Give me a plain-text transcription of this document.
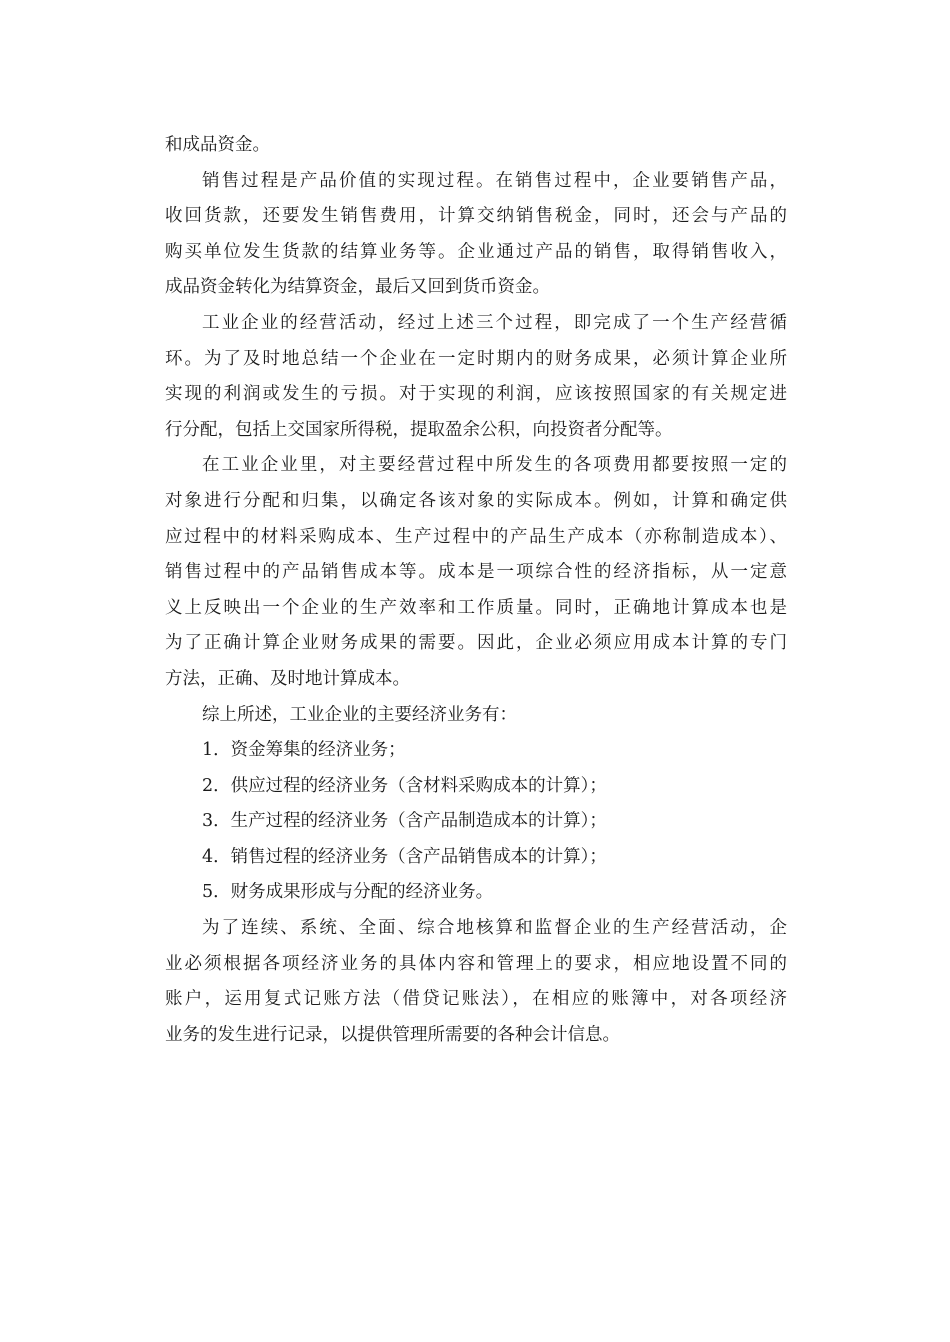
和成品资金。
销售过程是产品价值的实现过程。在销售过程中，企业要销售产品，
收回货款，还要发生销售费用，计算交纳销售税金，同时，还会与产品的
购买单位发生货款的结算业务等。企业通过产品的销售，取得销售收入，
成品资金转化为结算资金，最后又回到货币资金。
工业企业的经营活动，经过上述三个过程，即完成了一个生产经营循
环。为了及时地总结一个企业在一定时期内的财务成果，必须计算企业所
实现的利润或发生的亏损。对于实现的利润，应该按照国家的有关规定进
行分配，包括上交国家所得税，提取盈余公积，向投资者分配等。
在工业企业里，对主要经营过程中所发生的各项费用都要按照一定的
对象进行分配和归集，以确定各该对象的实际成本。例如，计算和确定供
应过程中的材料采购成本、生产过程中的产品生产成本（亦称制造成本）、
销售过程中的产品销售成本等。成本是一项综合性的经济指标，从一定意
义上反映出一个企业的生产效率和工作质量。同时，正确地计算成本也是
为了正确计算企业财务成果的需要。因此，企业必须应用成本计算的专门
方法，正确、及时地计算成本。
综上所述，工业企业的主要经济业务有：
1．资金筹集的经济业务；
2．供应过程的经济业务（含材料采购成本的计算）；
3．生产过程的经济业务（含产品制造成本的计算）；
4．销售过程的经济业务（含产品销售成本的计算）；
5．财务成果形成与分配的经济业务。
为了连续、系统、全面、综合地核算和监督企业的生产经营活动，企
业必须根据各项经济业务的具体内容和管理上的要求，相应地设置不同的
账户，运用复式记账方法（借贷记账法），在相应的账簿中，对各项经济
业务的发生进行记录，以提供管理所需要的各种会计信息。
